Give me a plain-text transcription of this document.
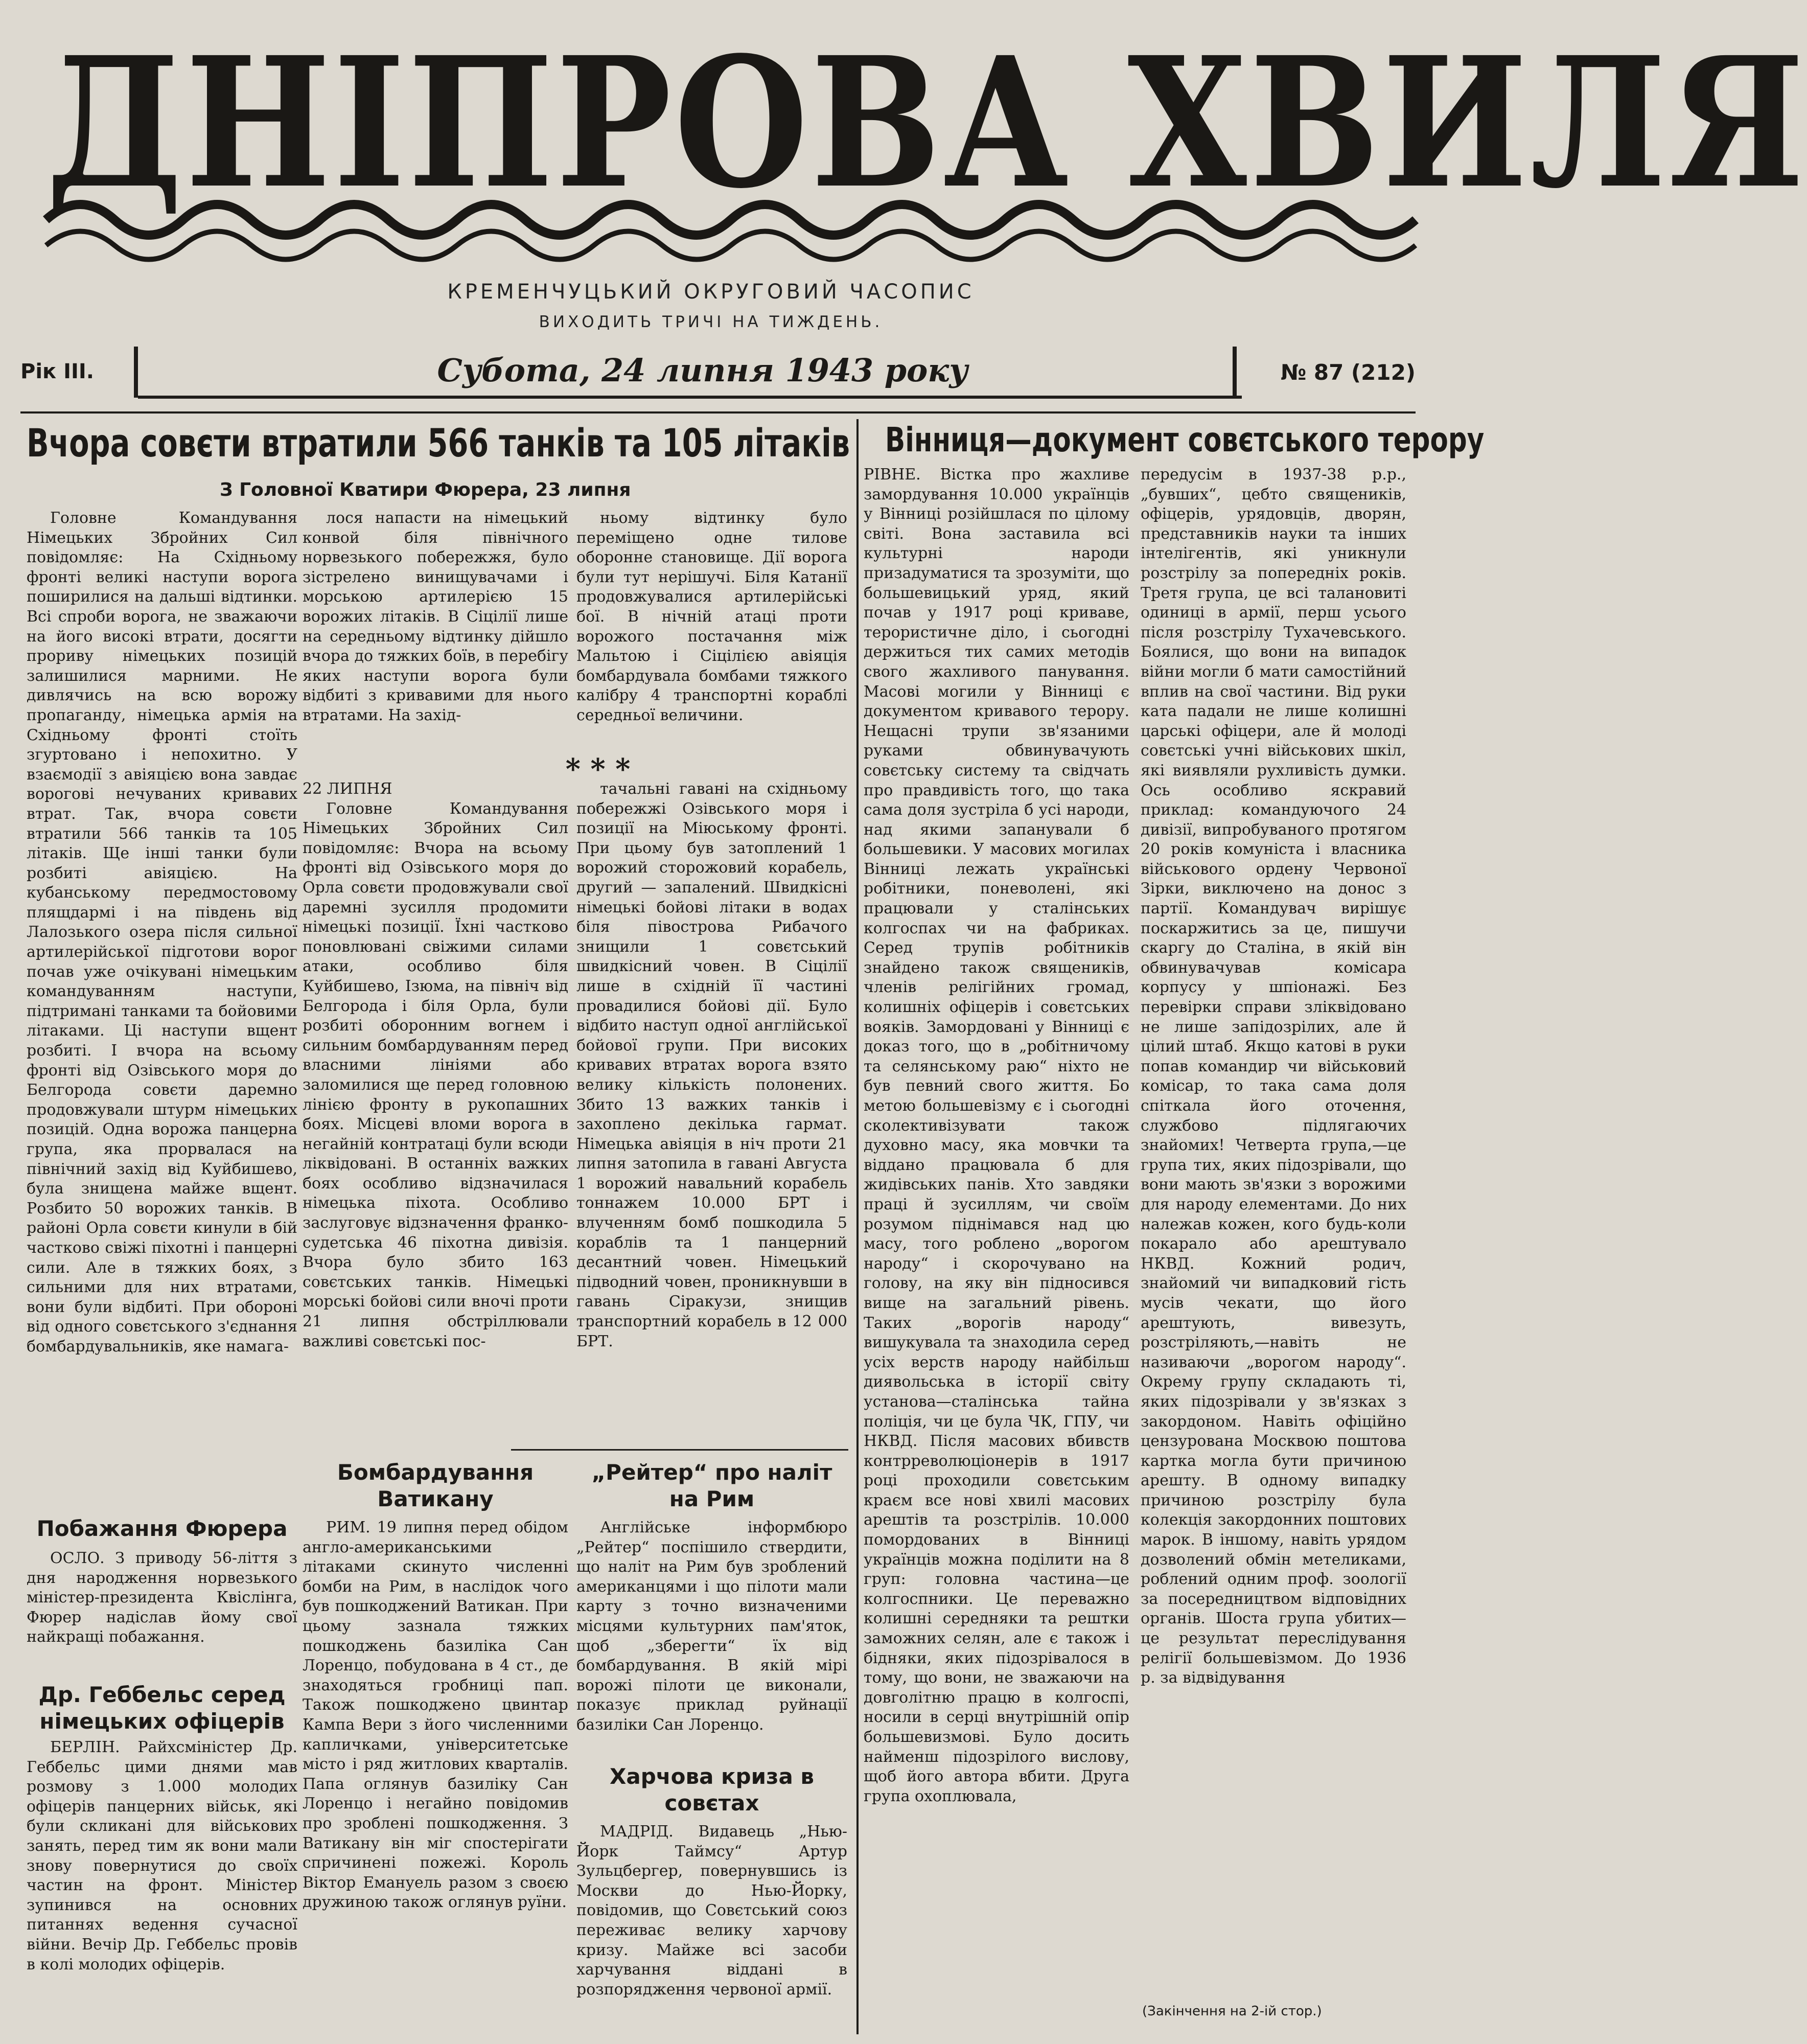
ДНІПРОВА ХВИЛЯ
КРЕМЕНЧУЦЬКИЙ ОКРУГОВИЙ ЧАСОПИС
ВИХОДИТЬ ТРИЧІ НА ТИЖДЕНЬ.
Рік III.	Субота, 24 липня 1943 року	№ 87 (212)
Вчора совєти втратили 566 танків та 105 літаків
З Головної Кватири Фюрера, 23 липня

Головне Командування Німецьких Збройних Сил повідомляє: На Східньому фронті великі наступи ворога поширилися на дальші відтинки. Всі спроби ворога, не зважаючи на його високі втрати, досягти прориву німецьких позицій залишилися марними. Не дивлячись на всю ворожу пропаганду, німецька армія на Східньому фронті стоїть згуртовано і непохитно. У взаємодії з авіяцією вона завдає ворогові нечуваних кривавих втрат. Так, вчора совєти втратили 566 танків та 105 літаків. Ще інші танки були розбиті авіяцією. На кубанському передмостовому плящдармі і на південь від Лалозького озера після сильної артилерійської підготови ворог почав уже очікувані німецьким командуванням наступи, підтримані танками та бойовими літаками. Ці наступи вщент розбиті. І вчора на всьому фронті від Озівського моря до Белгорода совєти даремно продовжували штурм німецьких позицій. Одна ворожа панцерна група, яка прорвалася на північний захід від Куйбишево, була знищена майже вщент. Розбито 50 ворожих танків. В районі Орла совєти кинули в бій частково свіжі піхотні і панцерні сили. Але в тяжких боях, з сильними для них втратами, вони були відбиті. При обороні від одного совєтського з'єднання бомбардувальників, яке намага-

лося напасти на німецький конвой біля північного норвезького побережжя, було зістрелено винищувачами і морською артилерією 15 ворожих літаків. В Сіцілії лише на середньому відтинку дійшло вчора до тяжких боїв, в перебігу яких наступи ворога були відбиті з кривавими для нього втратами. На захід-

ньому відтинку було переміщено одне тилове оборонне становище. Дії ворога були тут нерішучі. Біля Катанії продовжувалися артилерійські бої. В нічній атаці проти ворожого постачання між Мальтою і Сіцілією авіяція бомбардувала бомбами тяжкого калібру 4 транспортні кораблі середньої величини.

* * *

22 ЛИПНЯ

Головне Командування Німецьких Збройних Сил повідомляє: Вчора на всьому фронті від Озівського моря до Орла совєти продовжували свої даремні зусилля продомити німецькі позиції. Їхні частково поновлювані свіжими силами атаки, особливо біля Куйбишево, Ізюма, на північ від Белгорода і біля Орла, були розбиті оборонним вогнем і сильним бомбардуванням перед власними лініями або заломилися ще перед головною лінією фронту в рукопашних боях. Місцеві вломи ворога в негайній контратаці були всюди ліквідовані. В останніх важких боях особливо відзначилася німецька піхота. Особливо заслуговує відзначення франко-судетська 46 піхотна дивізія. Вчора було збито 163 совєтських танків. Німецькі морські бойові сили вночі проти 21 липня обстріллювали важливі совєтські пос-

тачальні гавані на східньому побережжі Озівського моря і позиції на Міюському фронті. При цьому був затоплений 1 ворожий сторожовий корабель, другий — запалений. Швидкісні німецькі бойові літаки в водах біля півострова Рибачого знищили 1 совєтський швидкісний човен. В Сіцілії лише в східній її частині провадилися бойові дії. Було відбито наступ одної англійської бойової групи. При високих кривавих втратах ворога взято велику кількість полонених. Збито 13 важких танків і захоплено декілька гармат. Німецька авіяція в ніч проти 21 липня затопила в гавані Августа 1 ворожий навальний корабель тоннажем 10.000 БРТ і влученням бомб пошкодила 5 кораблів та 1 панцерний десантний човен. Німецький підводний човен, проникнувши в гавань Сіракузи, знищив транспортний корабель в 12 000 БРТ.

Вінниця—документ совєтського терору

РІВНЕ. Вістка про жахливе замордування 10.000 українців у Вінниці розійшлася по цілому світі. Вона заставила всі культурні народи призадуматися та зрозуміти, що большевицький уряд, який почав у 1917 році криваве, терористичне діло, і сьогодні держиться тих самих методів свого жахливого панування. Масові могили у Вінниці є документом кривавого терору. Нещасні трупи зв'язаними руками обвинувачують совєтську систему та свідчать про правдивість того, що така сама доля зустріла б усі народи, над якими запанували б большевики. У масових могилах Вінниці лежать українські робітники, поневолені, які працювали у сталінських колгоспах чи на фабриках. Серед трупів робітників знайдено також священиків, членів релігійних громад, колишніх офіцерів і совєтських вояків. Замордовані у Вінниці є доказ того, що в „робітничому та селянському раю“ ніхто не був певний свого життя. Бо метою большевізму є і сьогодні сколективізувати також духовно масу, яка мовчки та віддано працювала б для жидівських панів. Хто завдяки праці й зусиллям, чи своїм розумом піднімався над цю масу, того роблено „ворогом народу“ і скорочувано на голову, на яку він підносився вище на загальний рівень. Таких „ворогів народу“ вишукувала та знаходила серед усіх верств народу найбільш диявольська в історії світу установа—сталінська тайна поліція, чи це була ЧК, ГПУ, чи НКВД. Після масових вбивств контрреволюціонерів в 1917 році проходили совєтським краєм все нові хвилі масових арештів та розстрілів. 10.000 помордованих в Вінниці українців можна поділити на 8 груп: головна частина—це колгоспники. Це переважно колишні середняки та рештки заможних селян, але є також і бідняки, яких підозрівалося в тому, що вони, не зважаючи на довголітню працю в колгоспі, носили в серці внутрішній опір большевизмові. Було досить найменш підозрілого вислову, щоб його автора вбити. Друга група охоплювала,

передусім в 1937-38 р.р., „бувших“, цебто священиків, офіцерів, урядовців, дворян, представників науки та інших інтелігентів, які уникнули розстрілу за попередніх років. Третя група, це всі талановиті одиниці в армії, перш усього після розстрілу Тухачевського. Боялися, що вони на випадок війни могли б мати самостійний вплив на свої частини. Від руки ката падали не лише колишні царські офіцери, але й молоді совєтські учні військових шкіл, які виявляли рухливість думки. Ось особливо яскравий приклад: командуючого 24 дивізії, випробуваного протягом 20 років комуніста і власника військового ордену Червоної Зірки, виключено на донос з партії. Командувач вирішує поскаржитись за це, пишучи скаргу до Сталіна, в якій він обвинувачував комісара корпусу у шпіонажі. Без перевірки справи зліквідовано не лише запідозрілих, але й цілий штаб. Якщо катові в руки попав командир чи військовий комісар, то така сама доля спіткала його оточення, службово підлягаючих знайомих! Четверта група,—це група тих, яких підозрівали, що вони мають зв'язки з ворожими для народу елементами. До них належав кожен, кого будь-коли покарало або арештувало НКВД. Кожний родич, знайомий чи випадковий гість мусів чекати, що його арештують, вивезуть, розстріляють,—навіть не називаючи „ворогом народу“. Окрему групу складають ті, яких підозрівали у зв'язках з закордоном. Навіть офіційно цензурована Москвою поштова картка могла бути причиною арешту. В одному випадку причиною розстрілу була колекція закордонних поштових марок. В іншому, навіть урядом дозволений обмін метеликами, роблений одним проф. зоології за посередництвом відповідних органів. Шоста група убитих—це результат переслідування релігії большевізмом. До 1936 р. за відвідування

(Закінчення на 2-ій стор.)
Побажання Фюрера

ОСЛО. З приводу 56-ліття з дня народження норвезького міністер-президента Квіслінга, Фюрер надіслав йому свої найкращі побажання.

Др. Геббельс серед німецьких офіцерів

БЕРЛІН. Райхсміністер Др. Геббельс цими днями мав розмову з 1.000 молодих офіцерів панцерних військ, які були скликані для військових занять, перед тим як вони мали знову повернутися до своїх частин на фронт. Міністер зупинився на основних питаннях ведення сучасної війни. Вечір Др. Геббельс провів в колі молодих офіцерів.

Бомбардування Ватикану

РИМ. 19 липня перед обідом англо-американськими літаками скинуто численні бомби на Рим, в наслідок чого був пошкоджений Ватикан. При цьому зазнала тяжких пошкоджень базиліка Сан Лоренцо, побудована в 4 ст., де знаходяться гробниці пап. Також пошкоджено цвинтар Кампа Вери з його численними капличками, університетське місто і ряд житлових кварталів. Папа оглянув базиліку Сан Лоренцо і негайно повідомив про зроблені пошкодження. З Ватикану він міг спостерігати спричинені пожежі. Король Віктор Емануель разом з своєю дружиною також оглянув руїни.

„Рейтер“ про наліт на Рим

Англійське інформбюро „Рейтер“ поспішило ствердити, що наліт на Рим був зроблений американцями і що пілоти мали карту з точно визначеними місцями культурних пам'яток, щоб „зберегти“ їх від бомбардування. В якій мірі ворожі пілоти це виконали, показує приклад руйнації базиліки Сан Лоренцо.

Харчова криза в совєтах

МАДРІД. Видавець „Нью-Йорк Таймсу“ Артур Зульцбергер, повернувшись із Москви до Нью-Йорку, повідомив, що Совєтський союз переживає велику харчову кризу. Майже всі засоби харчування віддані в розпорядження червоної армії.
